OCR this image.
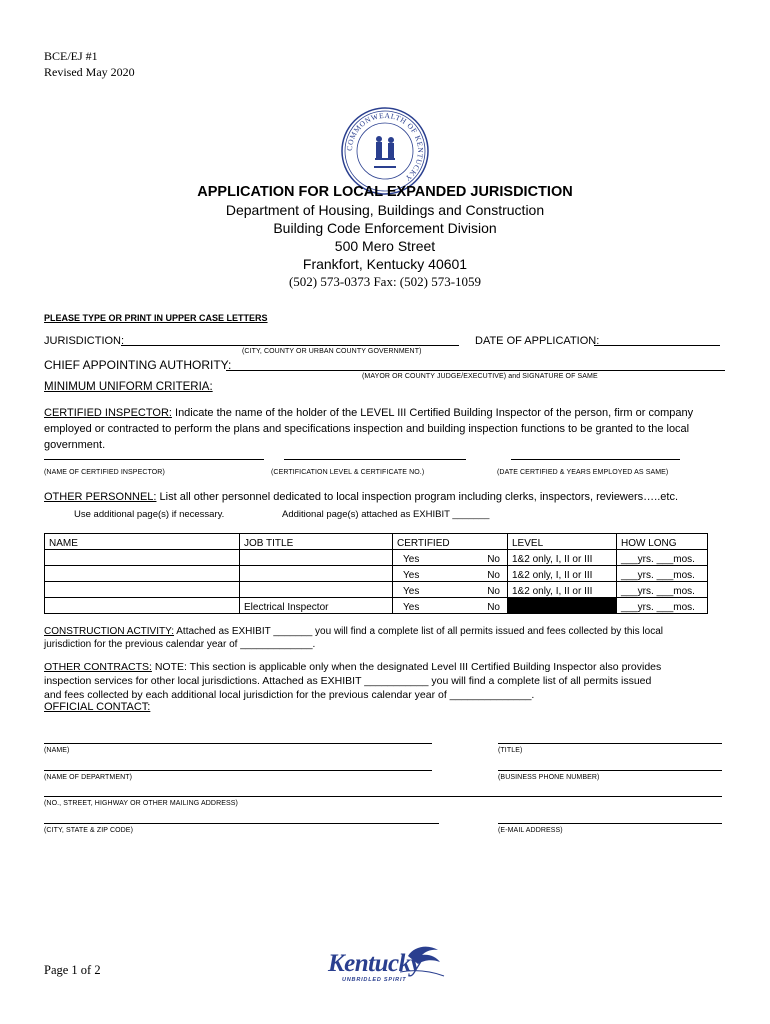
BCE/EJ #1
Revised May 2020
COMMONWEALTH OF KENTUCKY
APPLICATION FOR LOCAL EXPANDED JURISDICTION
Department of Housing, Buildings and Construction
Building Code Enforcement Division
500 Mero Street
Frankfort, Kentucky 40601
(502) 573-0373 Fax: (502) 573-1059
PLEASE TYPE OR PRINT IN UPPER CASE LETTERS
JURISDICTION:
(CITY, COUNTY OR URBAN COUNTY GOVERNMENT)
DATE OF APPLICATION:
CHIEF APPOINTING AUTHORITY:
(MAYOR OR COUNTY JUDGE/EXECUTIVE) and SIGNATURE OF SAME
MINIMUM UNIFORM CRITERIA:
CERTIFIED INSPECTOR: Indicate the name of the holder of the LEVEL III Certified Building Inspector of the person, firm or company
employed or contracted to perform the plans and specifications inspection and building inspection functions to be granted to the local
government.
(NAME OF CERTIFIED INSPECTOR)	(CERTIFICATION LEVEL & CERTIFICATE NO.)	(DATE CERTIFIED & YEARS EMPLOYED AS SAME)
OTHER PERSONNEL: List all other personnel dedicated to local inspection program including clerks, inspectors, reviewers…..etc.
Use additional page(s) if necessary.	Additional page(s) attached as EXHIBIT _______
NAME	JOB TITLE	CERTIFIED	LEVEL	HOW LONG

		Yes No	1&2 only, I, II or III	___yrs. ___mos.

		Yes No	1&2 only, I, II or III	___yrs. ___mos.

		Yes No	1&2 only, I, II or III	___yrs. ___mos.
	Electrical Inspector	Yes No		___yrs. ___mos.
CONSTRUCTION ACTIVITY: Attached as EXHIBIT _______ you will find a complete list of all permits issued and fees collected by this local
jurisdiction for the previous calendar year of _____________.
OTHER CONTRACTS: NOTE: This section is applicable only when the designated Level III Certified Building Inspector also provides
inspection services for other local jurisdictions. Attached as EXHIBIT ___________ you will find a complete list of all permits issued
and fees collected by each additional local jurisdiction for the previous calendar year of ______________.
OFFICIAL CONTACT:
(NAME)	(TITLE)
(NAME OF DEPARTMENT)	(BUSINESS PHONE NUMBER)
(NO., STREET, HIGHWAY OR OTHER MAILING ADDRESS)
(CITY, STATE & ZIP CODE)	(E-MAIL ADDRESS)
Page 1 of 2	Kentucky
UNBRIDLED SPIRIT
